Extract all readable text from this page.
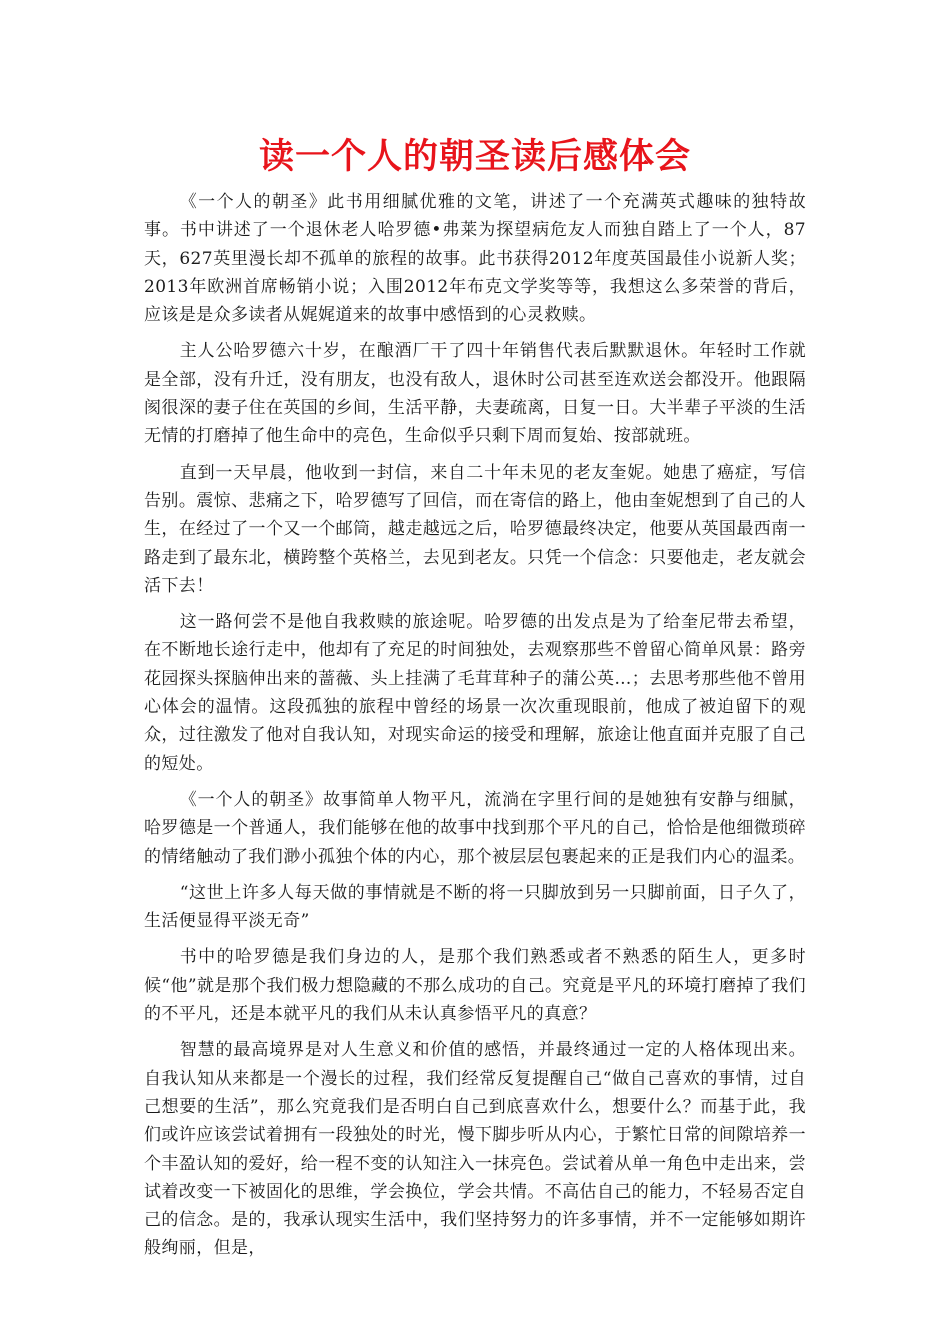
读一个人的朝圣读后感体会

《一个人的朝圣》此书用细腻优雅的文笔，讲述了一个充满英式趣味的独特故事。书中讲述了一个退休老人哈罗德•弗莱为探望病危友人而独自踏上了一个人，87天，627英里漫长却不孤单的旅程的故事。此书获得2012年度英国最佳小说新人奖；2013年欧洲首席畅销小说；入围2012年布克文学奖等等，我想这么多荣誉的背后，应该是是众多读者从娓娓道来的故事中感悟到的心灵救赎。

主人公哈罗德六十岁，在酿酒厂干了四十年销售代表后默默退休。年轻时工作就是全部，没有升迁，没有朋友，也没有敌人，退休时公司甚至连欢送会都没开。他跟隔阂很深的妻子住在英国的乡间，生活平静，夫妻疏离，日复一日。大半辈子平淡的生活无情的打磨掉了他生命中的亮色，生命似乎只剩下周而复始、按部就班。

直到一天早晨，他收到一封信，来自二十年未见的老友奎妮。她患了癌症，写信告别。震惊、悲痛之下，哈罗德写了回信，而在寄信的路上，他由奎妮想到了自己的人生，在经过了一个又一个邮筒，越走越远之后，哈罗德最终决定，他要从英国最西南一路走到了最东北，横跨整个英格兰，去见到老友。只凭一个信念：只要他走，老友就会活下去！

这一路何尝不是他自我救赎的旅途呢。哈罗德的出发点是为了给奎尼带去希望，在不断地长途行走中，他却有了充足的时间独处，去观察那些不曾留心简单风景：路旁花园探头探脑伸出来的蔷薇、头上挂满了毛茸茸种子的蒲公英…；去思考那些他不曾用心体会的温情。这段孤独的旅程中曾经的场景一次次重现眼前，他成了被迫留下的观众，过往激发了他对自我认知，对现实命运的接受和理解，旅途让他直面并克服了自己的短处。

《一个人的朝圣》故事简单人物平凡，流淌在字里行间的是她独有安静与细腻，哈罗德是一个普通人，我们能够在他的故事中找到那个平凡的自己，恰恰是他细微琐碎的情绪触动了我们渺小孤独个体的内心，那个被层层包裹起来的正是我们内心的温柔。

“这世上许多人每天做的事情就是不断的将一只脚放到另一只脚前面，日子久了，生活便显得平淡无奇”

书中的哈罗德是我们身边的人，是那个我们熟悉或者不熟悉的陌生人，更多时候“他”就是那个我们极力想隐藏的不那么成功的自己。究竟是平凡的环境打磨掉了我们的不平凡，还是本就平凡的我们从未认真参悟平凡的真意？

智慧的最高境界是对人生意义和价值的感悟，并最终通过一定的人格体现出来。自我认知从来都是一个漫长的过程，我们经常反复提醒自己“做自己喜欢的事情，过自己想要的生活”，那么究竟我们是否明白自己到底喜欢什么，想要什么？而基于此，我们或许应该尝试着拥有一段独处的时光，慢下脚步听从内心，于繁忙日常的间隙培养一个丰盈认知的爱好，给一程不变的认知注入一抹亮色。尝试着从单一角色中走出来，尝试着改变一下被固化的思维，学会换位，学会共情。不高估自己的能力，不轻易否定自己的信念。是的，我承认现实生活中，我们坚持努力的许多事情，并不一定能够如期许般绚丽，但是，
